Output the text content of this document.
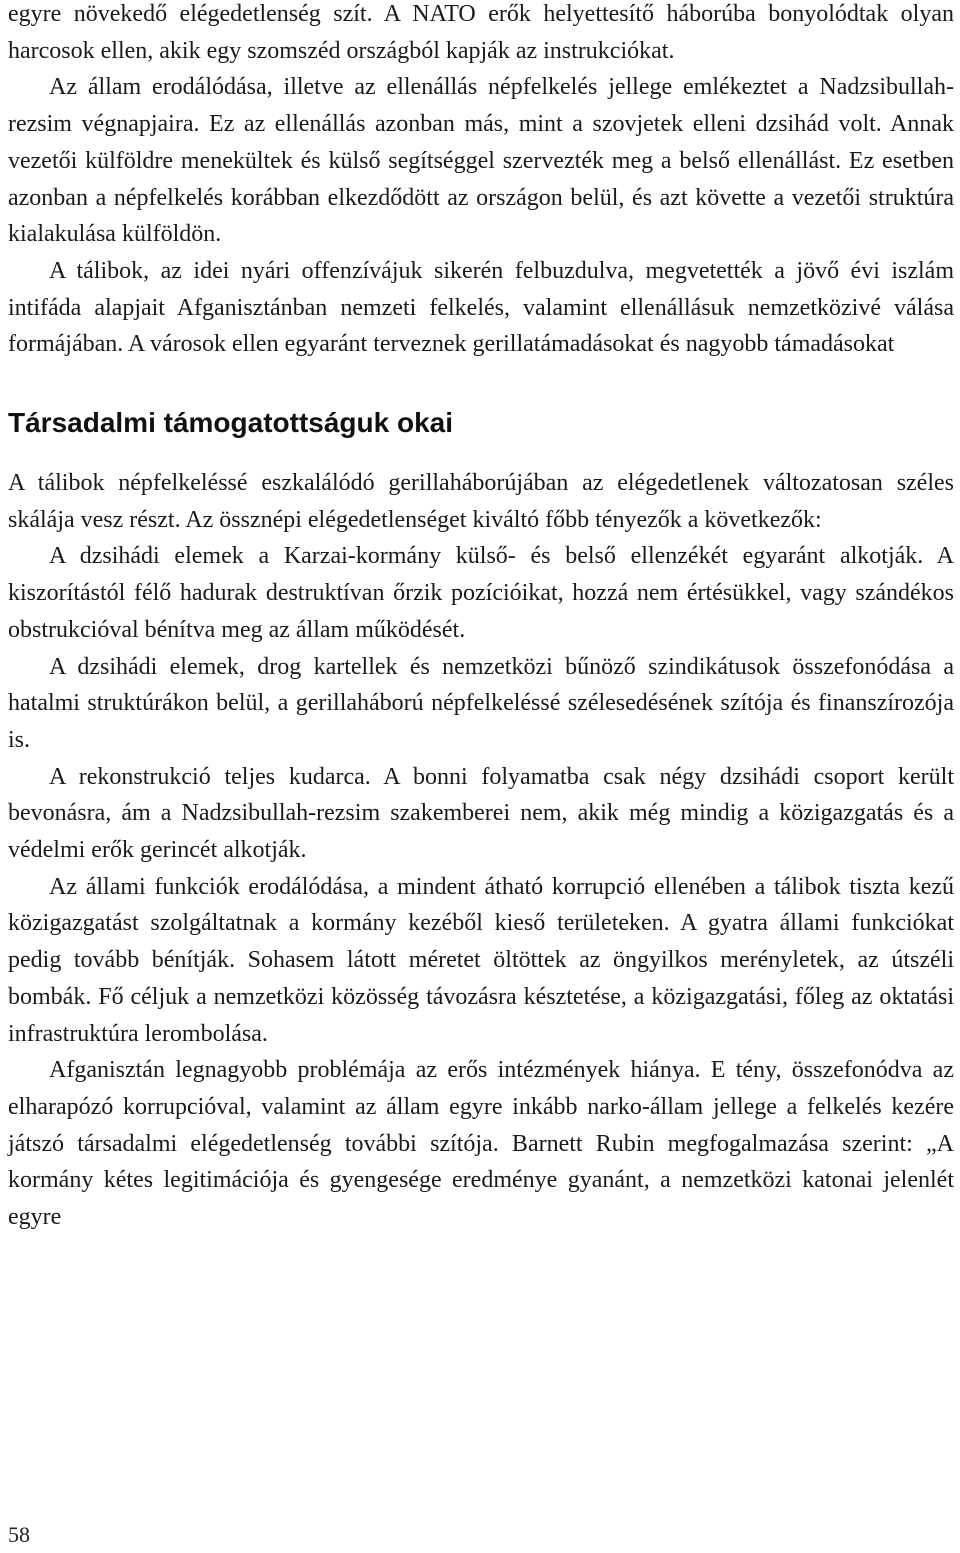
egyre növekedő elégedetlenség szít. A NATO erők helyettesítő háborúba bonyolódtak olyan harcosok ellen, akik egy szomszéd országból kapják az instrukciókat.

Az állam erodálódása, illetve az ellenállás népfelkelés jellege emlékeztet a Nadzsibullah-rezsim végnapjaira. Ez az ellenállás azonban más, mint a szovjetek elleni dzsihád volt. Annak vezetői külföldre menekültek és külső segítséggel szervezték meg a belső ellenállást. Ez esetben azonban a népfelkelés korábban elkezdődött az országon belül, és azt követte a vezetői struktúra kialakulása külföldön.

A tálibok, az idei nyári offenzívájuk sikerén felbuzdulva, megvetették a jövő évi iszlám intifáda alapjait Afganisztánban nemzeti felkelés, valamint ellenállásuk nemzetközivé válása formájában. A városok ellen egyaránt terveznek gerillatámadásokat és nagyobb támadásokat

Társadalmi támogatottságuk okai

A tálibok népfelkeléssé eszkalálódó gerillaháborújában az elégedetlenek változatosan széles skálája vesz részt. Az össznépi elégedetlenséget kiváltó főbb tényezők a következők:

A dzsihádi elemek a Karzai-kormány külső- és belső ellenzékét egyaránt alkotják. A kiszorítástól félő hadurak destruktívan őrzik pozícióikat, hozzá nem értésükkel, vagy szándékos obstrukcióval bénítva meg az állam működését.

A dzsihádi elemek, drog kartellek és nemzetközi bűnöző szindikátusok összefonódása a hatalmi struktúrákon belül, a gerillaháború népfelkeléssé szélesedésének szítója és finanszírozója is.

A rekonstrukció teljes kudarca. A bonni folyamatba csak négy dzsihádi csoport került bevonásra, ám a Nadzsibullah-rezsim szakemberei nem, akik még mindig a közigazgatás és a védelmi erők gerincét alkotják.

Az állami funkciók erodálódása, a mindent átható korrupció ellenében a tálibok tiszta kezű közigazgatást szolgáltatnak a kormány kezéből kieső területeken. A gyatra állami funkciókat pedig tovább bénítják. Sohasem látott méretet öltöttek az öngyilkos merényletek, az útszéli bombák. Fő céljuk a nemzetközi közösség távozásra késztetése, a közigazgatási, főleg az oktatási infrastruktúra lerombolása.

Afganisztán legnagyobb problémája az erős intézmények hiánya. E tény, összefonódva az elharapózó korrupcióval, valamint az állam egyre inkább narko-állam jellege a felkelés kezére játszó társadalmi elégedetlenség további szítója. Barnett Rubin megfogalmazása szerint: „A kormány kétes legitimációja és gyengesége eredménye gyanánt, a nemzetközi katonai jelenlét egyre

58
